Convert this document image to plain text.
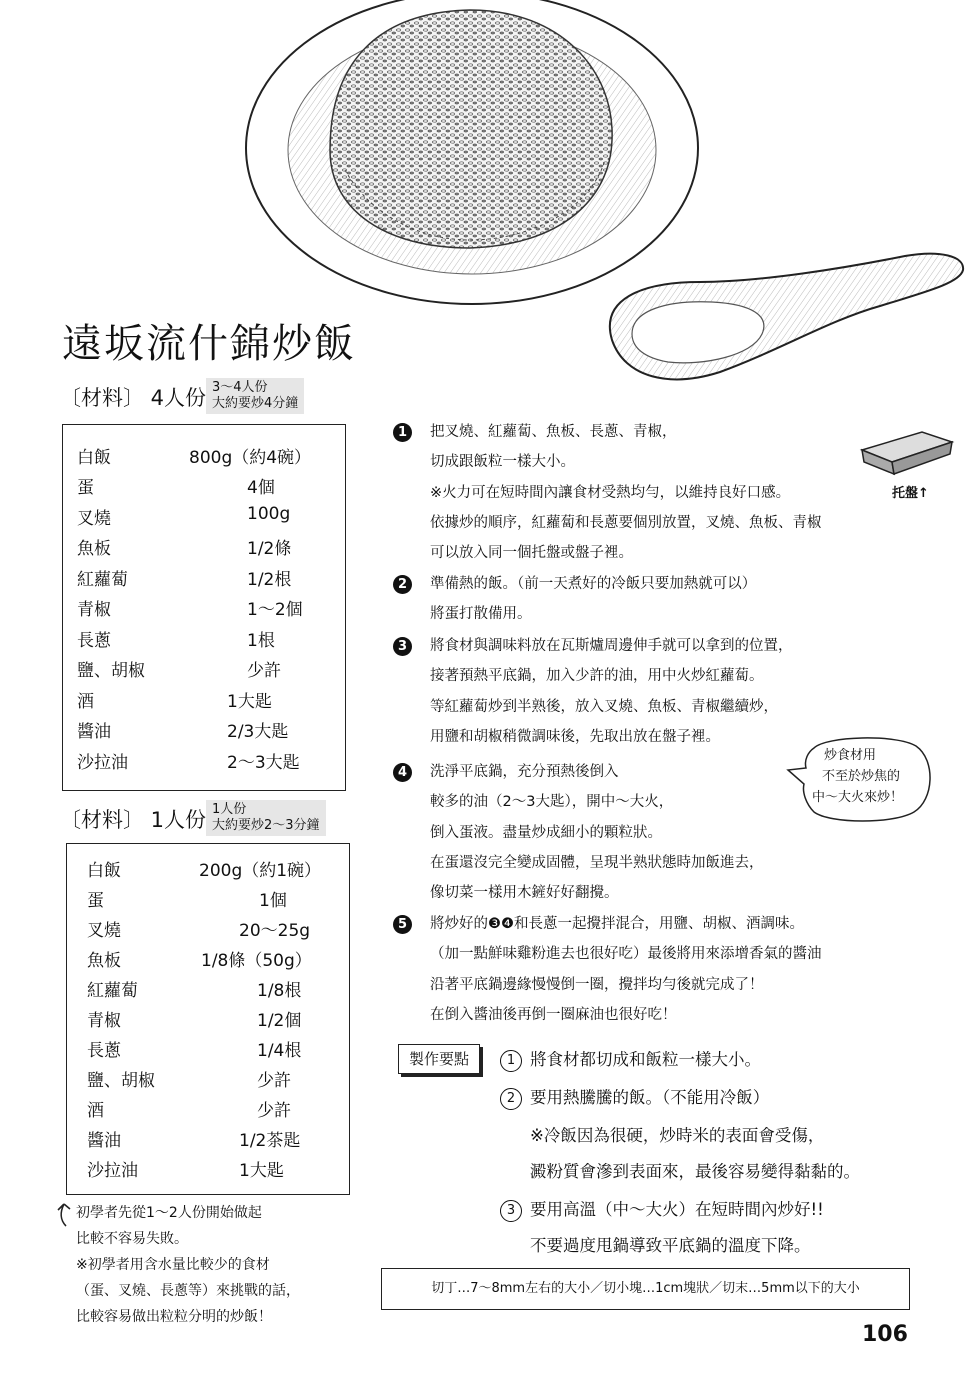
遠坂流什錦炒飯
〔材料〕 4人份 3～4人份
大約要炒4分鐘
白飯	800g（約4碗）
蛋	4個
叉燒	100g
魚板	1/2條
紅蘿蔔	1/2根
青椒	1～2個
長蔥	1根
鹽、胡椒	少許
酒	1大匙
醬油	2/3大匙
沙拉油	2～3大匙
〔材料〕 1人份 1人份
大約要炒2～3分鐘
白飯	200g（約1碗）
蛋	1個
叉燒	20～25g
魚板	1/8條（50g）
紅蘿蔔	1/8根
青椒	1/2個
長蔥	1/4根
鹽、胡椒	少許
酒	少許
醬油	1/2茶匙
沙拉油	1大匙
1	把叉燒、紅蘿蔔、魚板、長蔥、青椒，
切成跟飯粒一樣大小。
※火力可在短時間內讓食材受熱均勻，以維持良好口感。
依據炒的順序，紅蘿蔔和長蔥要個別放置，叉燒、魚板、青椒
可以放入同一個托盤或盤子裡。
托盤↑
2	準備熱的飯。（前一天煮好的冷飯只要加熱就可以）
將蛋打散備用。
3	將食材與調味料放在瓦斯爐周邊伸手就可以拿到的位置，
接著預熱平底鍋，加入少許的油，用中火炒紅蘿蔔。
等紅蘿蔔炒到半熟後，放入叉燒、魚板、青椒繼續炒，
用鹽和胡椒稍微調味後，先取出放在盤子裡。
炒食材用
不至於炒焦的
中～大火來炒！
4	洗淨平底鍋，充分預熱後倒入
較多的油（2～3大匙），開中～大火，
倒入蛋液。盡量炒成細小的顆粒狀。
在蛋還沒完全變成固體，呈現半熟狀態時加飯進去，
像切菜一樣用木鏟好好翻攪。
5	將炒好的❸❹和長蔥一起攪拌混合，用鹽、胡椒、酒調味。
（加一點鮮味雞粉進去也很好吃）最後將用來添增香氣的醬油
沿著平底鍋邊緣慢慢倒一圈，攪拌均勻後就完成了！
在倒入醬油後再倒一圈麻油也很好吃！
製作要點	1 將食材都切成和飯粒一樣大小。
2 要用熱騰騰的飯。（不能用冷飯）
※冷飯因為很硬，炒時米的表面會受傷，
澱粉質會滲到表面來，最後容易變得黏黏的。
3 要用高溫（中～大火）在短時間內炒好!!
不要過度甩鍋導致平底鍋的溫度下降。
切丁…7～8mm左右的大小／切小塊…1cm塊狀／切末…5mm以下的大小
初學者先從1～2人份開始做起
比較不容易失敗。
※初學者用含水量比較少的食材
（蛋、叉燒、長蔥等）來挑戰的話，
比較容易做出粒粒分明的炒飯！
106
